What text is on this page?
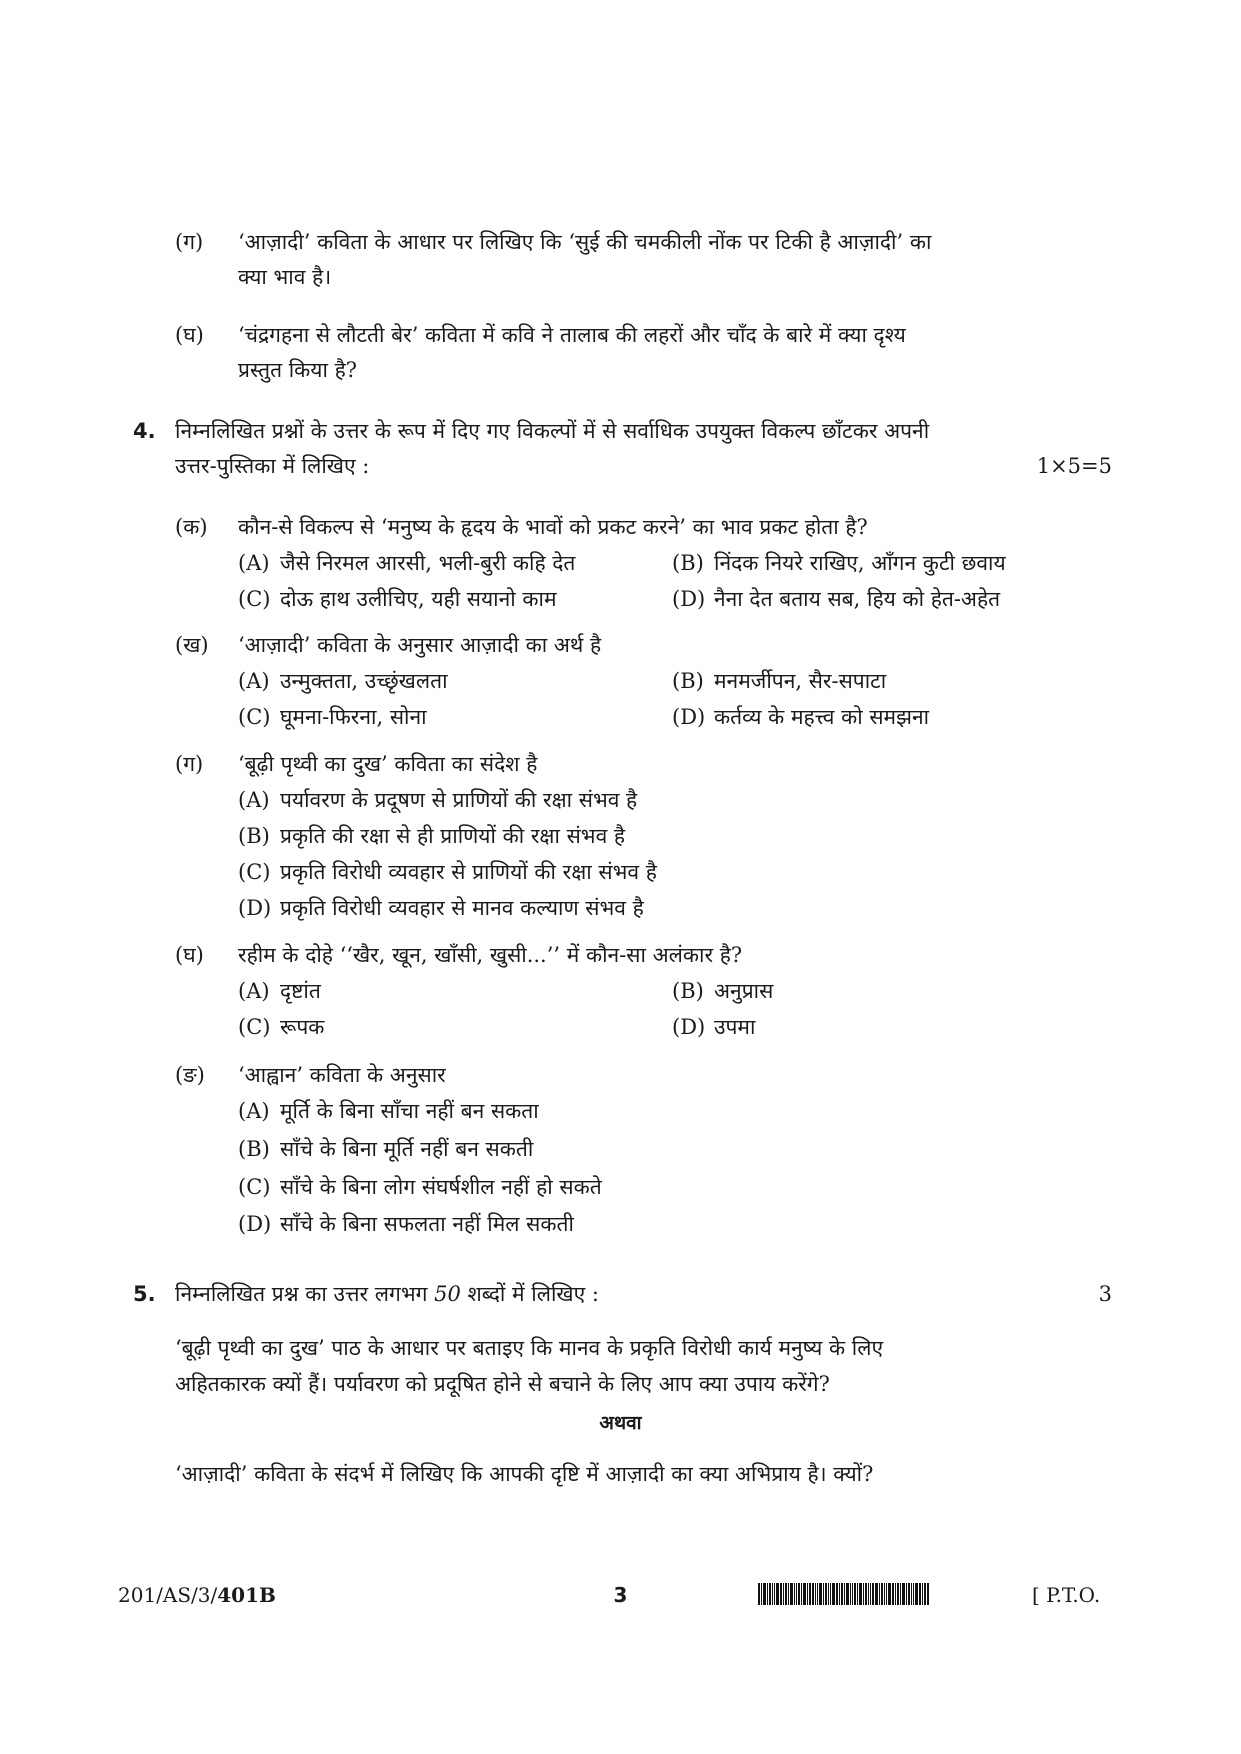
(ग) ‘आज़ादी’ कविता के आधार पर लिखिए कि ‘सुई की चमकीली नोंक पर टिकी है आज़ादी’ का
क्या भाव है।
(घ) ‘चंद्रगहना से लौटती बेर’ कविता में कवि ने तालाब की लहरों और चाँद के बारे में क्या दृश्य
प्रस्तुत किया है?
4. निम्नलिखित प्रश्नों के उत्तर के रूप में दिए गए विकल्पों में से सर्वाधिक उपयुक्त विकल्प छाँटकर अपनी
उत्तर-पुस्तिका में लिखिए :	1×5=5
(क) कौन-से विकल्प से ‘मनुष्य के हृदय के भावों को प्रकट करने’ का भाव प्रकट होता है?
(A) जैसे निरमल आरसी, भली-बुरी कहि देत	(B) निंदक नियरे राखिए, आँगन कुटी छवाय
(C) दोऊ हाथ उलीचिए, यही सयानो काम	(D) नैना देत बताय सब, हिय को हेत-अहेत
(ख) ‘आज़ादी’ कविता के अनुसार आज़ादी का अर्थ है
(A) उन्मुक्तता, उच्छृंखलता	(B) मनमर्जीपन, सैर-सपाटा
(C) घूमना-फिरना, सोना	(D) कर्तव्य के महत्त्व को समझना
(ग) ‘बूढ़ी पृथ्वी का दुख’ कविता का संदेश है
(A) पर्यावरण के प्रदूषण से प्राणियों की रक्षा संभव है
(B) प्रकृति की रक्षा से ही प्राणियों की रक्षा संभव है
(C) प्रकृति विरोधी व्यवहार से प्राणियों की रक्षा संभव है
(D) प्रकृति विरोधी व्यवहार से मानव कल्याण संभव है
(घ) रहीम के दोहे ‘‘खैर, खून, खाँसी, खुसी...’’ में कौन-सा अलंकार है?
(A) दृष्टांत	(B) अनुप्रास
(C) रूपक	(D) उपमा
(ङ) ‘आह्वान’ कविता के अनुसार
(A) मूर्ति के बिना साँचा नहीं बन सकता
(B) साँचे के बिना मूर्ति नहीं बन सकती
(C) साँचे के बिना लोग संघर्षशील नहीं हो सकते
(D) साँचे के बिना सफलता नहीं मिल सकती
5. निम्नलिखित प्रश्न का उत्तर लगभग 50 शब्दों में लिखिए :	3
‘बूढ़ी पृथ्वी का दुख’ पाठ के आधार पर बताइए कि मानव के प्रकृति विरोधी कार्य मनुष्य के लिए
अहितकारक क्यों हैं। पर्यावरण को प्रदूषित होने से बचाने के लिए आप क्या उपाय करेंगे?
अथवा
‘आज़ादी’ कविता के संदर्भ में लिखिए कि आपकी दृष्टि में आज़ादी का क्या अभिप्राय है। क्यों?
201/AS/3/401B	3	[ P.T.O.
